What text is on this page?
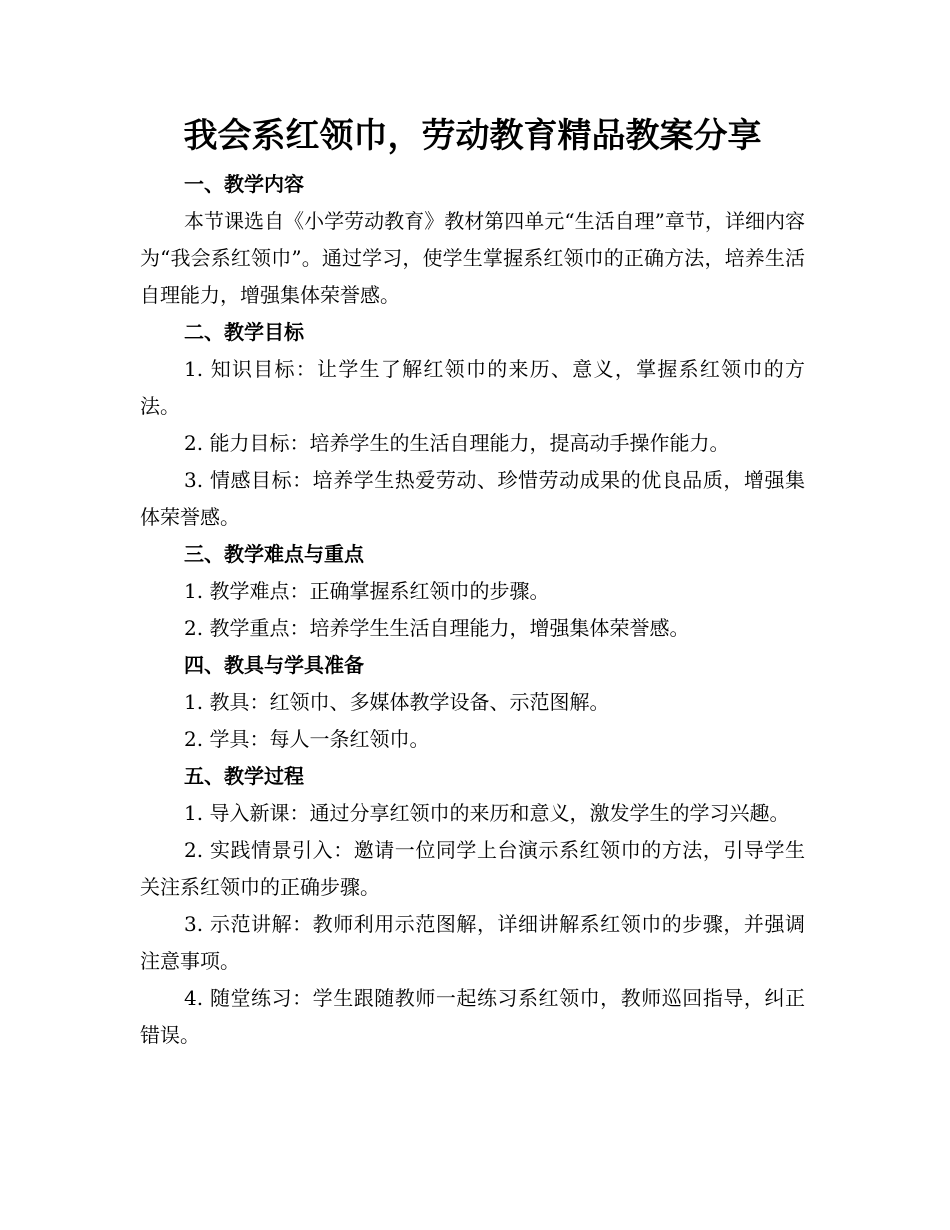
我会系红领巾，劳动教育精品教案分享
一、教学内容

本节课选自《小学劳动教育》教材第四单元“生活自理”章节，详细内容为“我会系红领巾”。通过学习，使学生掌握系红领巾的正确方法，培养生活自理能力，增强集体荣誉感。

二、教学目标

1. 知识目标：让学生了解红领巾的来历、意义，掌握系红领巾的方法。

2. 能力目标：培养学生的生活自理能力，提高动手操作能力。

3. 情感目标：培养学生热爱劳动、珍惜劳动成果的优良品质，增强集体荣誉感。

三、教学难点与重点

1. 教学难点：正确掌握系红领巾的步骤。

2. 教学重点：培养学生生活自理能力，增强集体荣誉感。

四、教具与学具准备

1. 教具：红领巾、多媒体教学设备、示范图解。

2. 学具：每人一条红领巾。

五、教学过程

1. 导入新课：通过分享红领巾的来历和意义，激发学生的学习兴趣。

2. 实践情景引入：邀请一位同学上台演示系红领巾的方法，引导学生关注系红领巾的正确步骤。

3. 示范讲解：教师利用示范图解，详细讲解系红领巾的步骤，并强调注意事项。

4. 随堂练习：学生跟随教师一起练习系红领巾，教师巡回指导，纠正错误。
